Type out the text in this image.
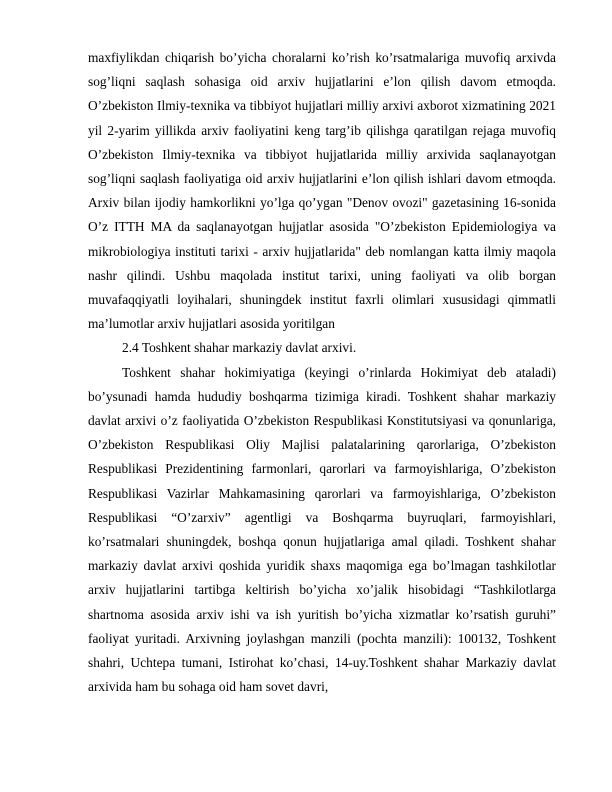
maxfiylikdan chiqarish bo’yicha choralarni ko’rish ko’rsatmalariga muvofiq arxivda sog’liqni saqlash sohasiga oid arxiv hujjatlarini e’lon qilish davom etmoqda. O’zbekiston Ilmiy-texnika va tibbiyot hujjatlari milliy arxivi axborot xizmatining 2021 yil 2-yarim yillikda arxiv faoliyatini keng targ’ib qilishga qaratilgan rejaga muvofiq O’zbekiston Ilmiy-texnika va tibbiyot hujjatlarida milliy arxivida saqlanayotgan sog’liqni saqlash faoliyatiga oid arxiv hujjatlarini e’lon qilish ishlari davom etmoqda. Arxiv bilan ijodiy hamkorlikni yo’lga qo’ygan "Denov ovozi" gazetasining 16-sonida O’z ITTH MA da saqlanayotgan hujjatlar asosida "O’zbekiston Epidemiologiya va mikrobiologiya instituti tarixi - arxiv hujjatlarida" deb nomlangan katta ilmiy maqola nashr qilindi. Ushbu maqolada institut tarixi, uning faoliyati va olib borgan muvafaqqiyatli loyihalari, shuningdek institut faxrli olimlari xususidagi qimmatli ma’lumotlar arxiv hujjatlari asosida yoritilgan

2.4 Toshkent shahar markaziy davlat arxivi.

Toshkent shahar hokimiyatiga (keyingi o’rinlarda Hokimiyat deb ataladi) bo’ysunadi hamda hududiy boshqarma tizimiga kiradi. Toshkent shahar markaziy davlat arxivi o’z faoliyatida O’zbekiston Respublikasi Konstitutsiyasi va qonunlariga, O’zbekiston Respublikasi Oliy Majlisi palatalarining qarorlariga, O’zbekiston Respublikasi Prezidentining farmonlari, qarorlari va farmoyishlariga, O’zbekiston Respublikasi Vazirlar Mahkamasining qarorlari va farmoyishlariga, O’zbekiston Respublikasi “O’zarxiv” agentligi va Boshqarma buyruqlari, farmoyishlari, ko’rsatmalari shuningdek, boshqa qonun hujjatlariga amal qiladi. Toshkent shahar markaziy davlat arxivi qoshida yuridik shaxs maqomiga ega bo’lmagan tashkilotlar arxiv hujjatlarini tartibga keltirish bo’yicha xo’jalik hisobidagi “Tashkilotlarga shartnoma asosida arxiv ishi va ish yuritish bo’yicha xizmatlar ko’rsatish guruhi” faoliyat yuritadi. Arxivning joylashgan manzili (pochta manzili): 100132, Toshkent shahri, Uchtepa tumani, Istirohat ko’chasi, 14-uy.Toshkent shahar Markaziy davlat arxivida ham bu sohaga oid ham sovet davri,
